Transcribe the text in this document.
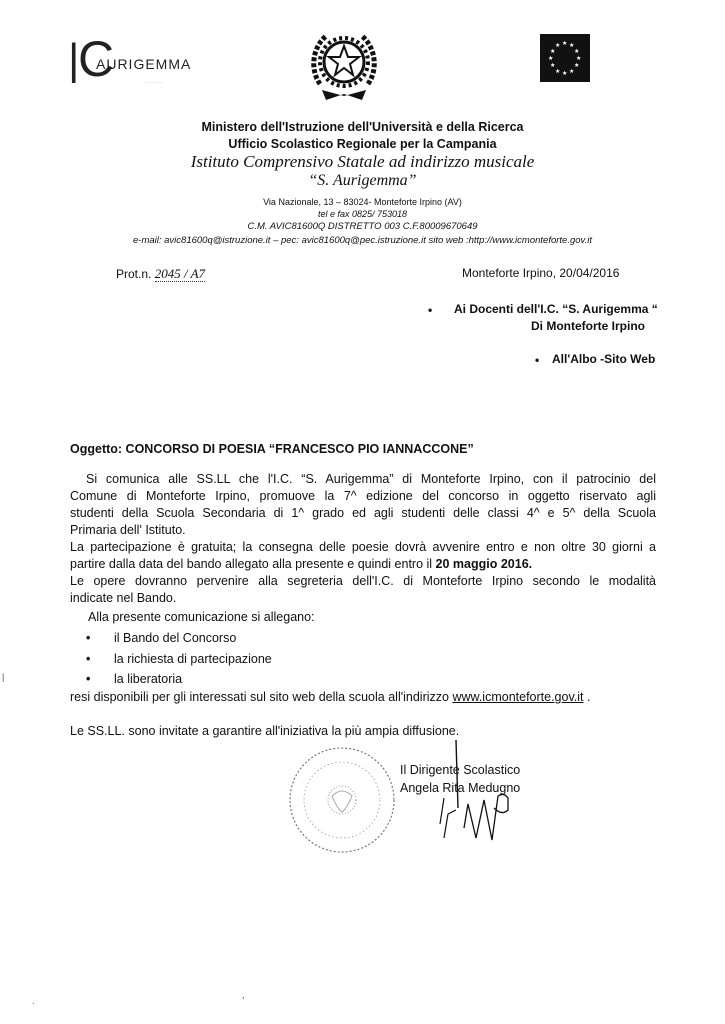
|
C
AURIGEMMA
···· ·· ·····
★ ★
★
★
★
★
★
★
★
★
★
★
Ministero dell'Istruzione dell'Università e della Ricerca
Ufficio Scolastico Regionale per la Campania
Istituto Comprensivo Statale ad indirizzo musicale
“S. Aurigemma”
Via Nazionale, 13 – 83024- Monteforte Irpino (AV)
tel e fax 0825/ 753018
C.M. AVIC81600Q DISTRETTO 003 C.F.80009670649
e-mail: avic81600q@istruzione.it – pec: avic81600q@pec.istruzione.it sito web :http://www.icmonteforte.gov.it
Prot.n. 2045 / A7	Monteforte Irpino, 20/04/2016
• Ai Docenti dell'I.C. “S. Aurigemma “
Di Monteforte Irpino
• All'Albo -Sito Web
Oggetto: CONCORSO DI POESIA “FRANCESCO PIO IANNACCONE”
Si comunica alle SS.LL che l'I.C. “S. Aurigemma” di Monteforte Irpino, con il patrocinio del
Comune di Monteforte Irpino, promuove la 7^ edizione del concorso in oggetto riservato agli
studenti della Scuola Secondaria di 1^ grado ed agli studenti delle classi 4^ e 5^ della Scuola
Primaria dell' Istituto.
La partecipazione è gratuita; la consegna delle poesie dovrà avvenire entro e non oltre 30 giorni a
partire dalla data del bando allegato alla presente e quindi entro il 20 maggio 2016.
Le opere dovranno pervenire alla segreteria dell'I.C. di Monteforte Irpino secondo le modalità
indicate nel Bando.
Alla presente comunicazione si allegano:
• il Bando del Concorso
• la richiesta di partecipazione
• la liberatoria
resi disponibili per gli interessati sul sito web della scuola all'indirizzo www.icmonteforte.gov.it .
Le SS.LL. sono invitate a garantire all'iniziativa la più ampia diffusione.
Il Dirigente Scolastico
Angela Rita Medugno
|
.
,
